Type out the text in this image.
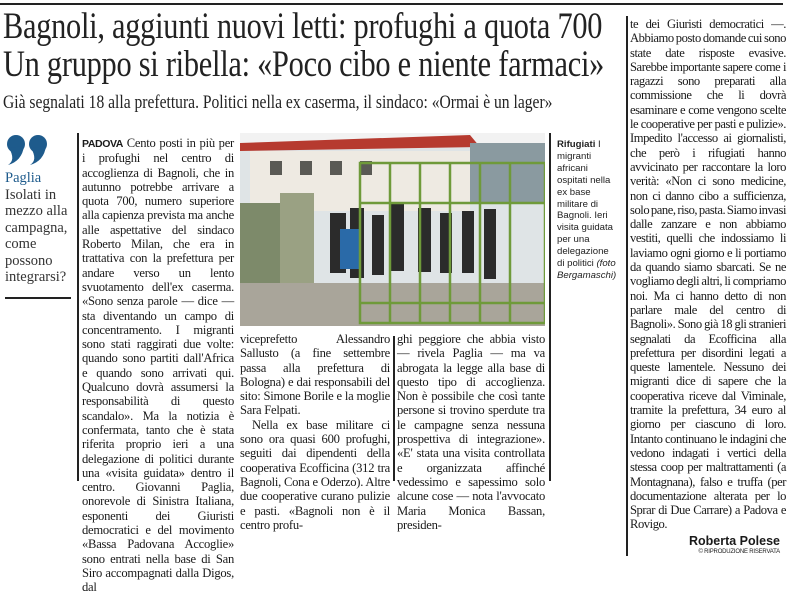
Bagnoli, aggiunti nuovi letti: profughi a quota 700
Un gruppo si ribella: «Poco cibo e niente farmaci»
Già segnalati 18 alla prefettura. Politici nella ex caserma, il sindaco: «Ormai è un lager»
Paglia
Isolati in mezzo alla campagna, come possono integrarsi?
PADOVA Cento posti in più per i profughi nel centro di accoglienza di Bagnoli, che in autunno potrebbe arrivare a quota 700, numero superiore alla capienza prevista ma anche alle aspettative del sindaco Roberto Milan, che era in trattativa con la prefettura per andare verso un lento svuotamento dell'ex caserma. «Sono senza parole — dice — sta diventando un campo di concentramento. I migranti sono stati raggirati due volte: quando sono partiti dall'Africa e quando sono arrivati qui. Qualcuno dovrà assumersi la responsabilità di questo scandalo». Ma la notizia è confermata, tanto che è stata riferita proprio ieri a una delegazione di politici durante una «visita guidata» dentro il centro. Giovanni Paglia, onorevole di Sinistra Italiana, esponenti dei Giuristi democratici e del movimento «Bassa Padovana Accoglie» sono entrati nella base di San Siro accompagnati dalla Digos, dal
Rifugiati I migranti africani ospitati nella ex base militare di Bagnoli. Ieri visita guidata per una delegazione di politici (foto Bergamaschi)

viceprefetto Alessandro Sallusto (a fine settembre passa alla prefettura di Bologna) e dai responsabili del sito: Simone Borile e la moglie Sara Felpati.

Nella ex base militare ci sono ora quasi 600 profughi, seguiti dai dipendenti della cooperativa Ecofficina (312 tra Bagnoli, Cona e Oderzo). Altre due cooperative curano pulizie e pasti. «Bagnoli non è il centro profu-

ghi peggiore che abbia visto — rivela Paglia — ma va abrogata la legge alla base di questo tipo di accoglienza. Non è possibile che così tante persone si trovino sperdute tra le campagne senza nessuna prospettiva di integrazione». «E' stata una visita controllata e organizzata affinché vedessimo e sapessimo solo alcune cose — nota l'avvocato Maria Monica Bassan, presiden-
te dei Giuristi democratici —. Abbiamo posto domande cui sono state date risposte evasive. Sarebbe importante sapere come i ragazzi sono preparati alla commissione che li dovrà esaminare e come vengono scelte le cooperative per pasti e pulizie». Impedito l'accesso ai giornalisti, che però i rifugiati hanno avvicinato per raccontare la loro verità: «Non ci sono medicine, non ci danno cibo a sufficienza, solo pane, riso, pasta. Siamo invasi dalle zanzare e non abbiamo vestiti, quelli che indossiamo li laviamo ogni giorno e li portiamo da quando siamo sbarcati. Se ne vogliamo degli altri, li compriamo noi. Ma ci hanno detto di non parlare male del centro di Bagnoli». Sono già 18 gli stranieri segnalati da Ecofficina alla prefettura per disordini legati a queste lamentele. Nessuno dei migranti dice di sapere che la cooperativa riceve dal Viminale, tramite la prefettura, 34 euro al giorno per ciascuno di loro. Intanto continuano le indagini che vedono indagati i vertici della stessa coop per maltrattamenti (a Montagnana), falso e truffa (per documentazione alterata per lo Sprar di Due Carrare) a Padova e Rovigo.
Roberta Polese
© RIPRODUZIONE RISERVATA
